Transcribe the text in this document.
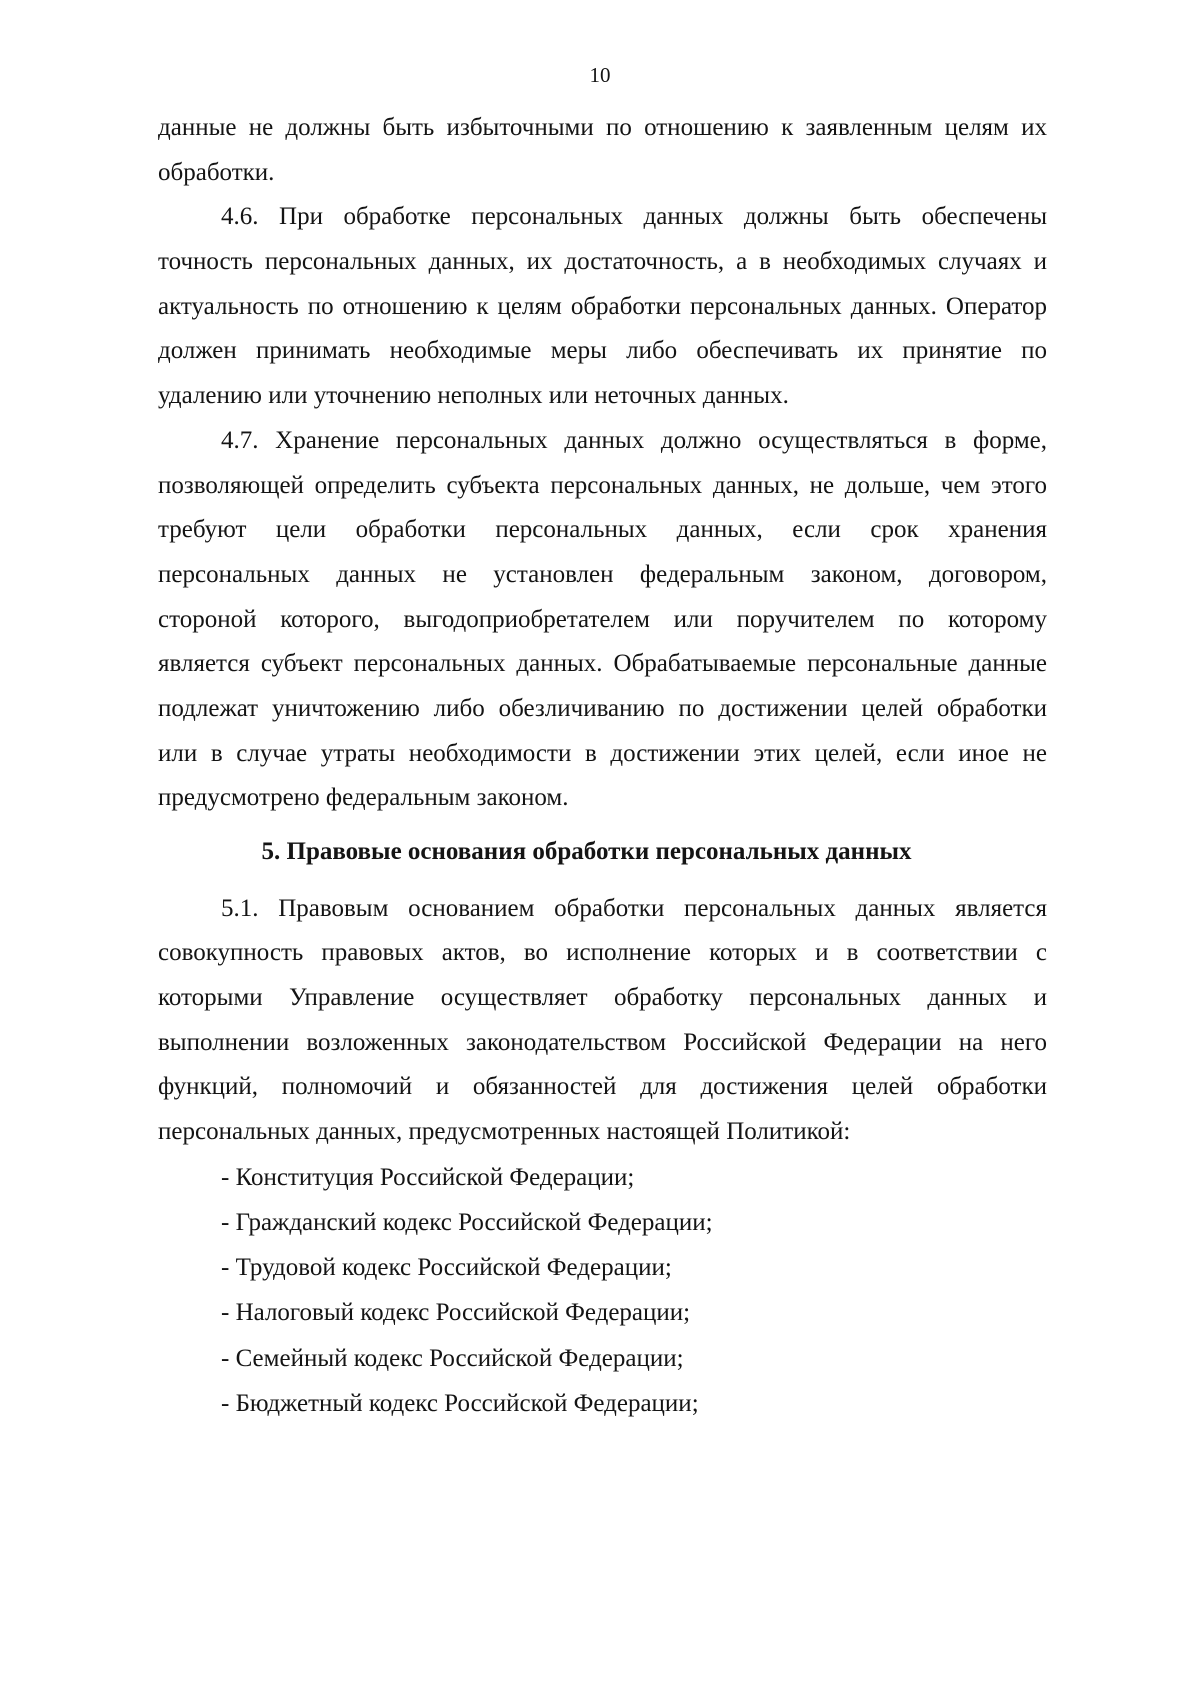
10
данные не должны быть избыточными по отношению к заявленным целям их
обработки.
4.6. При обработке персональных данных должны быть обеспечены
точность персональных данных, их достаточность, а в необходимых случаях и
актуальность по отношению к целям обработки персональных данных. Оператор
должен принимать необходимые меры либо обеспечивать их принятие по
удалению или уточнению неполных или неточных данных.
4.7. Хранение персональных данных должно осуществляться в форме,
позволяющей определить субъекта персональных данных, не дольше, чем этого
требуют цели обработки персональных данных, если срок хранения
персональных данных не установлен федеральным законом, договором,
стороной которого, выгодоприобретателем или поручителем по которому
является субъект персональных данных. Обрабатываемые персональные данные
подлежат уничтожению либо обезличиванию по достижении целей обработки
или в случае утраты необходимости в достижении этих целей, если иное не
предусмотрено федеральным законом.
5. Правовые основания обработки персональных данных
5.1. Правовым основанием обработки персональных данных является
совокупность правовых актов, во исполнение которых и в соответствии с
которыми Управление осуществляет обработку персональных данных и
выполнении возложенных законодательством Российской Федерации на него
функций, полномочий и обязанностей для достижения целей обработки
персональных данных, предусмотренных настоящей Политикой:
- Конституция Российской Федерации;
- Гражданский кодекс Российской Федерации;
- Трудовой кодекс Российской Федерации;
- Налоговый кодекс Российской Федерации;
- Семейный кодекс Российской Федерации;
- Бюджетный кодекс Российской Федерации;
